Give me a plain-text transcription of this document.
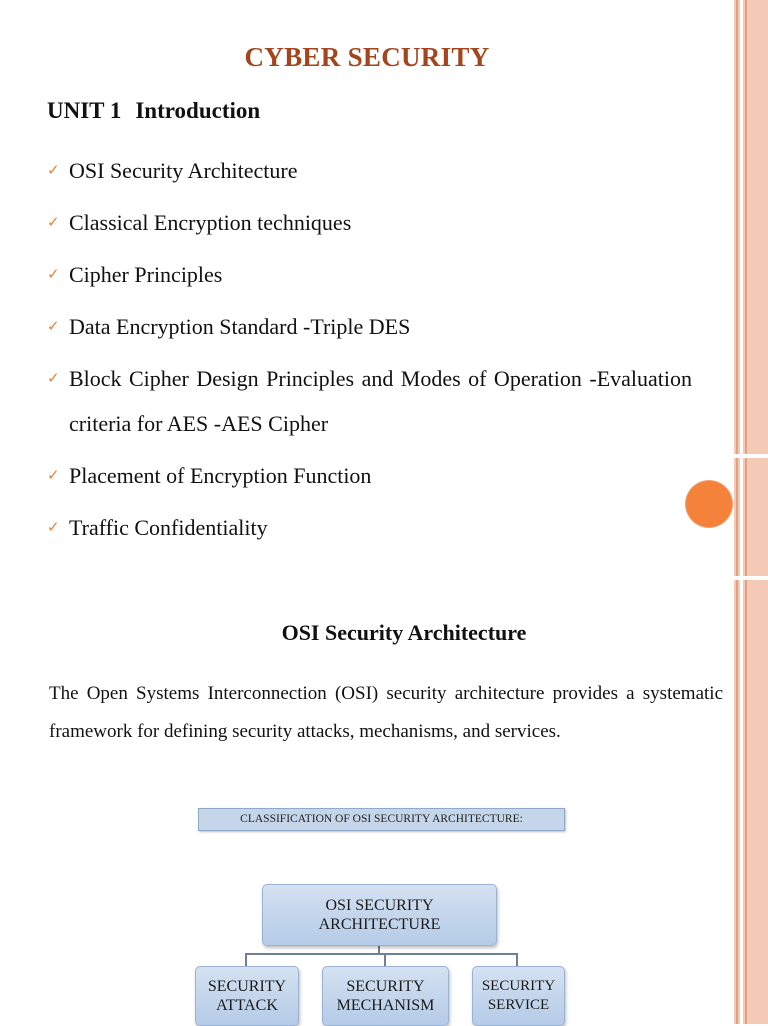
CYBER SECURITY
UNIT 1 Introduction
✓ OSI Security Architecture
✓ Classical Encryption techniques
✓ Cipher Principles
✓ Data Encryption Standard -Triple DES
✓ Block Cipher Design Principles and Modes of Operation -Evaluation criteria for AES -AES Cipher
✓ Placement of Encryption Function
✓ Traffic Confidentiality
OSI Security Architecture
The Open Systems Interconnection (OSI) security architecture provides a systematic framework for defining security attacks, mechanisms, and services.
CLASSIFICATION OF OSI SECURITY ARCHITECTURE:
OSI SECURITY
ARCHITECTURE
SECURITY
ATTACK
SECURITY
MECHANISM
SECURITY
SERVICE
